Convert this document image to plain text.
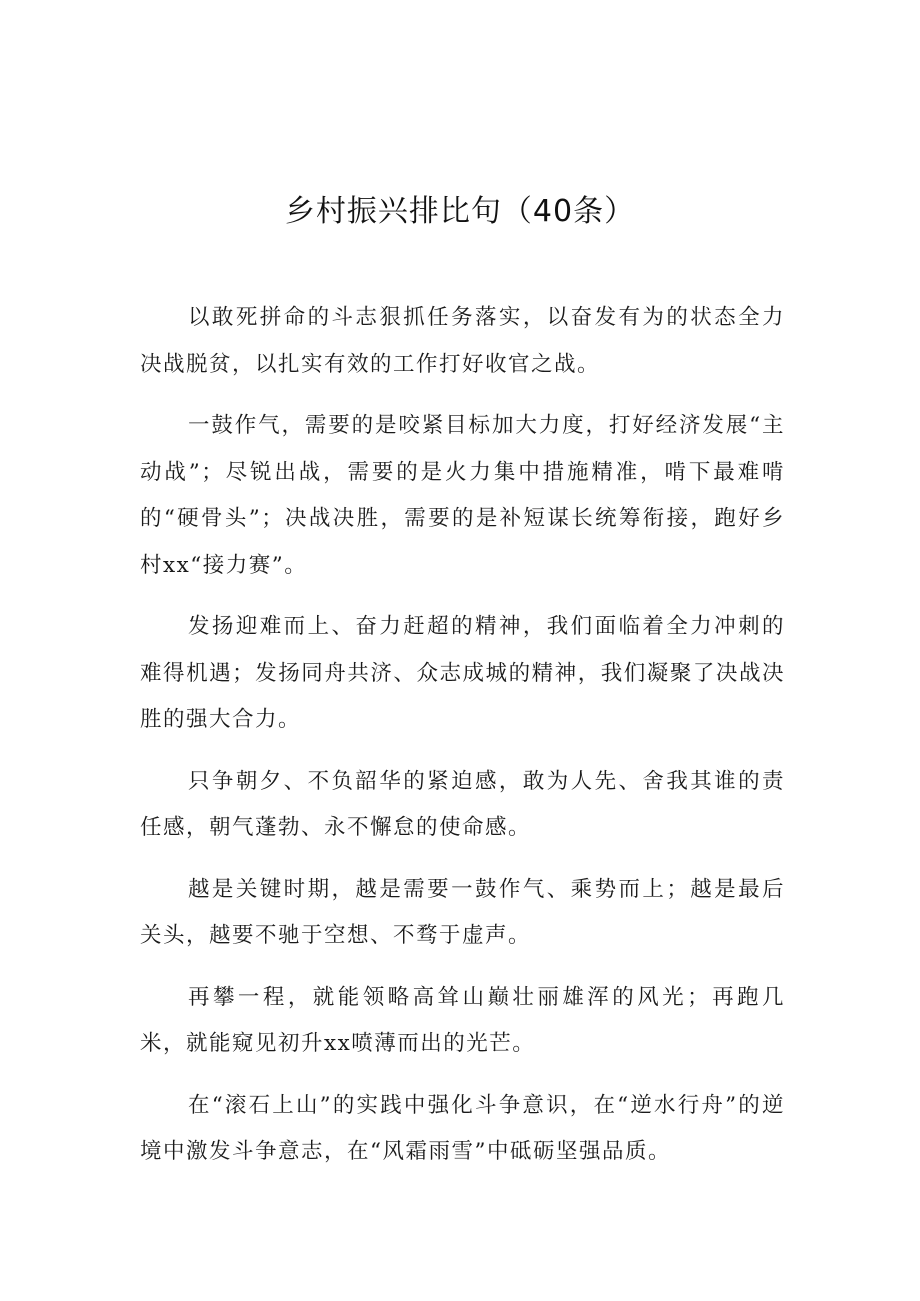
乡村振兴排比句（40条）

以敢死拼命的斗志狠抓任务落实，以奋发有为的状态全力决战脱贫，以扎实有效的工作打好收官之战。

一鼓作气，需要的是咬紧目标加大力度，打好经济发展“主动战”；尽锐出战，需要的是火力集中措施精准，啃下最难啃的“硬骨头”；决战决胜，需要的是补短谋长统筹衔接，跑好乡村xx“接力赛”。

发扬迎难而上、奋力赶超的精神，我们面临着全力冲刺的难得机遇；发扬同舟共济、众志成城的精神，我们凝聚了决战决胜的强大合力。

只争朝夕、不负韶华的紧迫感，敢为人先、舍我其谁的责任感，朝气蓬勃、永不懈怠的使命感。

越是关键时期，越是需要一鼓作气、乘势而上；越是最后关头，越要不驰于空想、不骛于虚声。

再攀一程，就能领略高耸山巅壮丽雄浑的风光；再跑几米，就能窥见初升xx喷薄而出的光芒。

在“滚石上山”的实践中强化斗争意识，在“逆水行舟”的逆境中激发斗争意志，在“风霜雨雪”中砥砺坚强品质。
